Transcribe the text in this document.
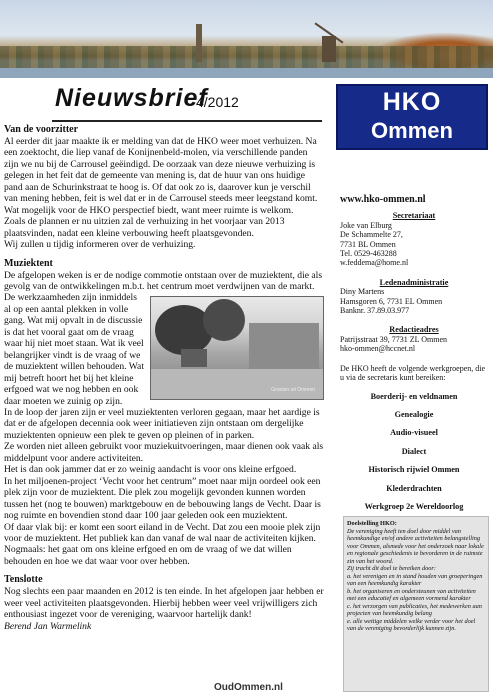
Nieuwsbrief
4/2012
Van de voorzitter

Al eerder dit jaar maakte ik er melding van dat de HKO weer moet verhuizen. Na een zoektocht, die liep vanaf de Konijnenbeld-molen, via verschillende panden zijn we nu bij de Carrousel geëindigd. De oorzaak van deze nieuwe verhuizing is gelegen in het feit dat de gemeente van mening is, dat de huur van ons huidige pand aan de Schurinkstraat te hoog is. Of dat ook zo is, daarover kun je verschil van mening hebben, feit is wel dat er in de Carrousel steeds meer leegstand komt. Wat mogelijk voor de HKO perspectief biedt, want meer ruimte is welkom.

Zoals de plannen er nu uitzien zal de verhuizing in het voorjaar van 2013 plaatsvinden, nadat een kleine verbouwing heeft plaatsgevonden.

Wij zullen u tijdig informeren over de verhuizing.

Muziektent

De afgelopen weken is er de nodige commotie ontstaan over de muziektent, die als gevolg van de ontwikkelingen m.b.t. het centrum moet verdwijnen van de markt.

Groeten uit Ommen

De werkzaamheden zijn inmiddels al op een aantal plekken in volle gang. Wat mij opvalt in de discussie is dat het vooral gaat om de vraag waar hij niet moet staan. Wat ik veel belangrijker vindt is de vraag of we de muziektent willen behouden. Wat mij betreft hoort het bij het kleine erfgoed wat we nog hebben en ook daar moeten we zuinig op zijn.

In de loop der jaren zijn er veel muziektenten verloren gegaan, maar het aardige is dat er de afgelopen decennia ook weer initiatieven zijn ontstaan om dergelijke muziektenten opnieuw een plek te geven op pleinen of in parken.

Ze worden niet alleen gebruikt voor muziekuitvoeringen, maar dienen ook vaak als middelpunt voor andere activiteiten.

Het is dan ook jammer dat er zo weinig aandacht is voor ons kleine erfgoed.

In het miljoenen-project ‘Vecht voor het centrum” moet naar mijn oordeel ook een plek zijn voor de muziektent. Die plek zou mogelijk gevonden kunnen worden tussen het (nog te bouwen) marktgebouw en de bebouwing langs de Vecht. Daar is nog ruimte en bovendien stond daar 100 jaar geleden ook een muziektent.

Of daar vlak bij: er komt een soort eiland in de Vecht. Dat zou een mooie plek zijn voor de muziektent. Het publiek kan dan vanaf de wal naar de activiteiten kijken. Nogmaals: het gaat om ons kleine erfgoed en om de vraag of we dat willen behouden en hoe we dat waar voor over hebben.

Tenslotte

Nog slechts een paar maanden en 2012 is ten einde. In het afgelopen jaar hebben er weer veel activiteiten plaatsgevonden. Hierbij hebben weer veel vrijwilligers zich enthousiast ingezet voor de vereniging, waarvoor hartelijk dank!

Berend Jan Warmelink

HKO
Ommen
www.hko-ommen.nl
Secretariaat
Joke van Elburg
De Schammelte 27,
7731 BL Ommen
Tel. 0529-463288
w.feddema@home.nl
Ledenadministratie
Diny Martens
Hamsgoren 6, 7731 EL Ommen
Banknr. 37.89.03.977
Redactieadres
Patrijsstraat 39, 7731 ZL Ommen
hko-ommen@hccnet.nl
De HKO heeft de volgende werkgroepen, die u via de secretaris kunt bereiken:
Boerderij- en veldnamen
Genealogie
Audio-visueel
Dialect
Historisch rijwiel Ommen
Klederdrachten
Werkgroep 2e Wereldoorlog
Doelstelling HKO:
De vereniging heeft ten doel door middel van heemkundige en/of andere activiteiten belangstelling voor Ommen, alsmede voor het onderzoek naar lokale en regionale geschiedenis te bevorderen in de ruimste zin van het woord.
Zij tracht dit doel te bereiken door:
a. het verenigen en in stand houden van groeperingen van een heemkundig karakter
b. het organiseren en ondersteunen van activiteiten met een educatief en algemeen vormend karakter
c. het verzorgen van publicaties, het medewerken aan projecten van heemkundig belang
e. alle wettige middelen welke verder voor het doel van de vereniging bevorderlijk kunnen zijn.
OudOmmen.nl
